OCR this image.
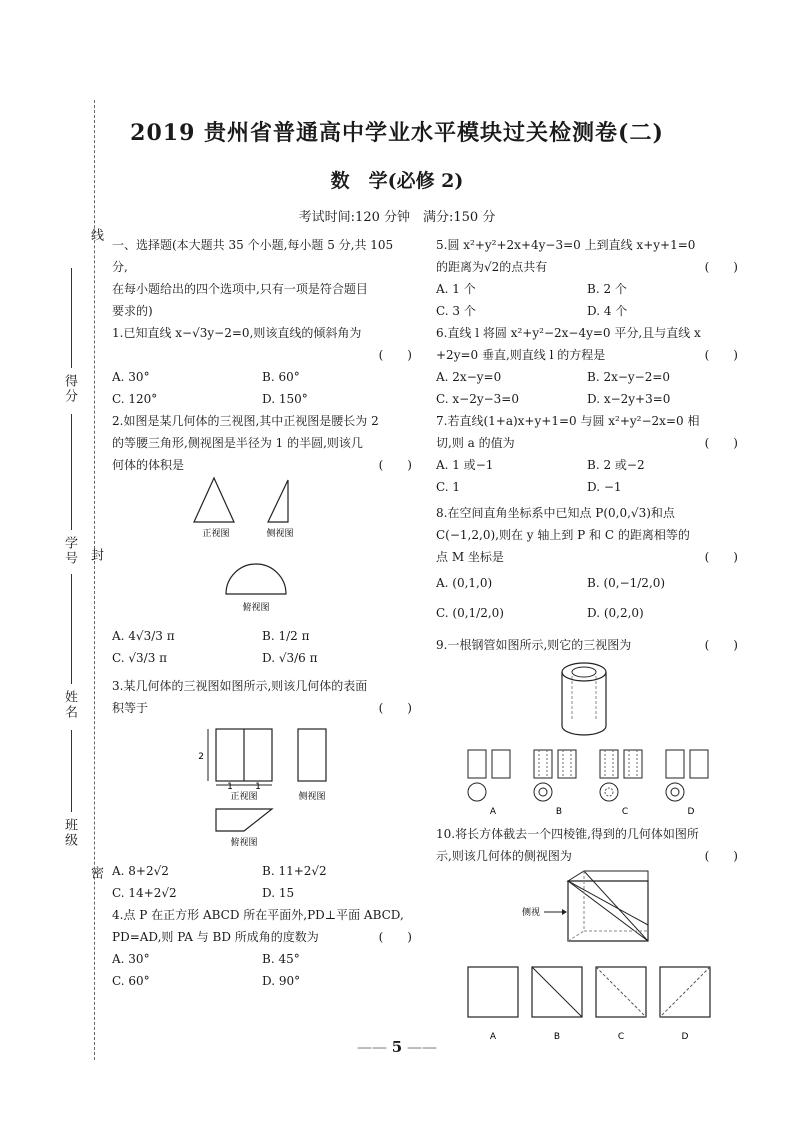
线
得分
学号 封
姓名
班级
密
2019 贵州省普通高中学业水平模块过关检测卷(二)
数　学(必修 2)
考试时间:120 分钟　满分:150 分

一、选择题(本大题共 35 个小题,每小题 5 分,共 105 分,

在每小题给出的四个选项中,只有一项是符合题目

要求的)

1.已知直线 x−√3y−2=0,则该直线的倾斜角为

(　　)

A. 30°	B. 60°
C. 120°	D. 150°

2.如图是某几何体的三视图,其中正视图是腰长为 2

的等腰三角形,侧视图是半径为 1 的半圆,则该几

何体的体积是	(　　)

正视图	侧视图
俯视图
A. 4√3/3 π	B. 1/2 π
C. √3/3 π	D. √3/6 π

3.某几何体的三视图如图所示,则该几何体的表面

积等于	(　　)

2
1 1
正视图	侧视图
俯视图
A. 8+2√2	B. 11+2√2
C. 14+2√2	D. 15

4.点 P 在正方形 ABCD 所在平面外,PD⊥平面 ABCD,

PD=AD,则 PA 与 BD 所成角的度数为	(　　)

A. 30°	B. 45°
C. 60°	D. 90°

5.圆 x²+y²+2x+4y−3=0 上到直线 x+y+1=0

的距离为√2的点共有	(　　)

A. 1 个	B. 2 个
C. 3 个	D. 4 个

6.直线 l 将圆 x²+y²−2x−4y=0 平分,且与直线 x

+2y=0 垂直,则直线 l 的方程是	(　　)

A. 2x−y=0	B. 2x−y−2=0
C. x−2y−3=0	D. x−2y+3=0

7.若直线(1+a)x+y+1=0 与圆 x²+y²−2x=0 相

切,则 a 的值为	(　　)

A. 1 或−1	B. 2 或−2
C. 1	D. −1

8.在空间直角坐标系中已知点 P(0,0,√3)和点

C(−1,2,0),则在 y 轴上到 P 和 C 的距离相等的

点 M 坐标是	(　　)

A. (0,1,0)	B. (0,−1/2,0)
C. (0,1/2,0)	D. (0,2,0)

9.一根钢管如图所示,则它的三视图为	(　　)

A	B	C	D

10.将长方体截去一个四棱锥,得到的几何体如图所

示,则该几何体的侧视图为	(　　)

侧视
A	B	C	D
—— 5 ——
